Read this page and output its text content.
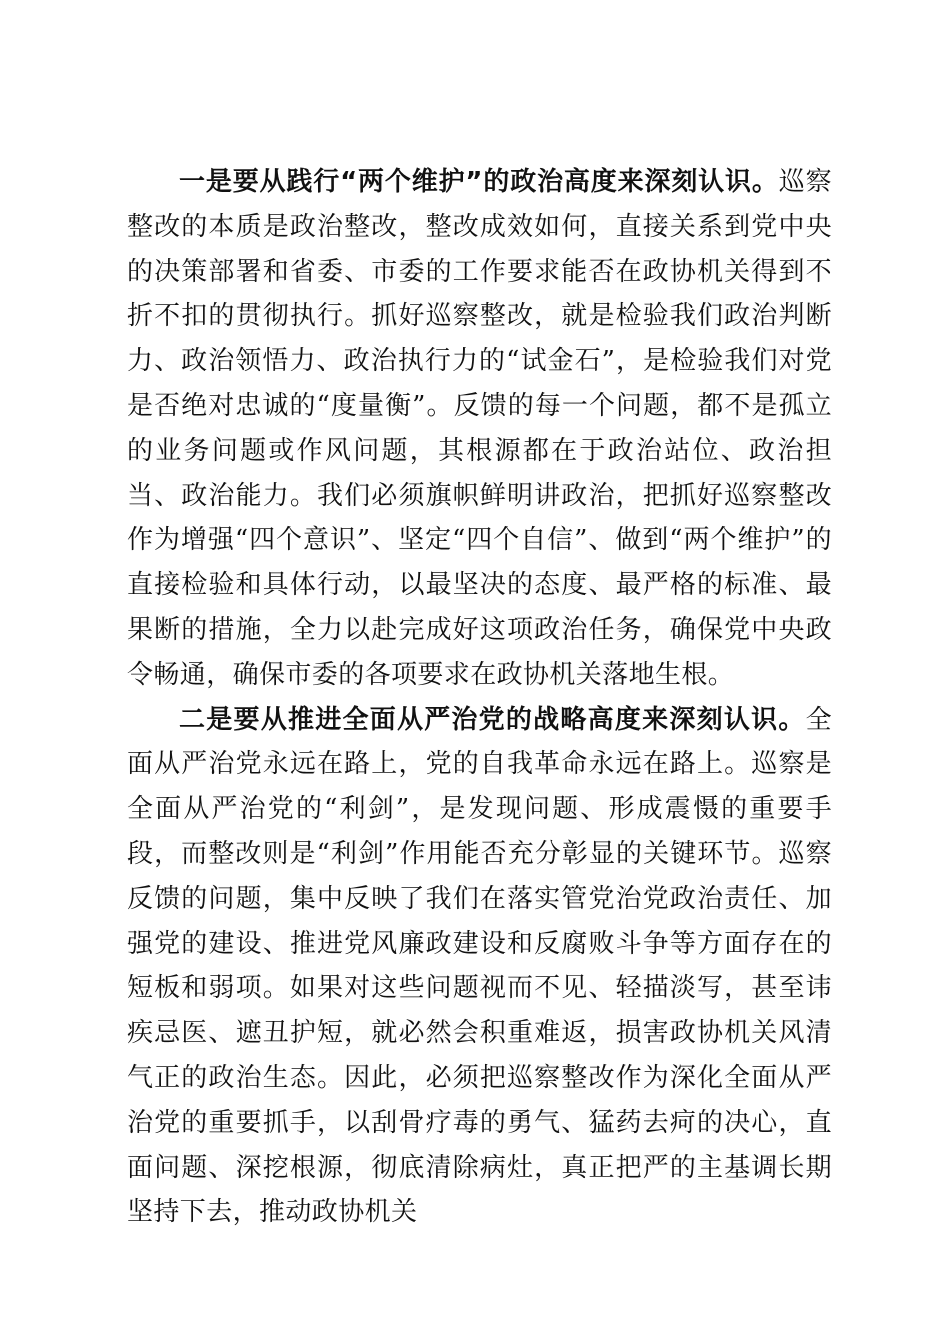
一是要从践行“两个维护”的政治高度来深刻认识。巡察整改的本质是政治整改，整改成效如何，直接关系到党中央的决策部署和省委、市委的工作要求能否在政协机关得到不折不扣的贯彻执行。抓好巡察整改，就是检验我们政治判断力、政治领悟力、政治执行力的“试金石”，是检验我们对党是否绝对忠诚的“度量衡”。反馈的每一个问题，都不是孤立的业务问题或作风问题，其根源都在于政治站位、政治担当、政治能力。我们必须旗帜鲜明讲政治，把抓好巡察整改作为增强“四个意识”、坚定“四个自信”、做到“两个维护”的直接检验和具体行动，以最坚决的态度、最严格的标准、最果断的措施，全力以赴完成好这项政治任务，确保党中央政令畅通，确保市委的各项要求在政协机关落地生根。

二是要从推进全面从严治党的战略高度来深刻认识。全面从严治党永远在路上，党的自我革命永远在路上。巡察是全面从严治党的“利剑”，是发现问题、形成震慑的重要手段，而整改则是“利剑”作用能否充分彰显的关键环节。巡察反馈的问题，集中反映了我们在落实管党治党政治责任、加强党的建设、推进党风廉政建设和反腐败斗争等方面存在的短板和弱项。如果对这些问题视而不见、轻描淡写，甚至讳疾忌医、遮丑护短，就必然会积重难返，损害政协机关风清气正的政治生态。因此，必须把巡察整改作为深化全面从严治党的重要抓手，以刮骨疗毒的勇气、猛药去疴的决心，直面问题、深挖根源，彻底清除病灶，真正把严的主基调长期坚持下去，推动政协机关
